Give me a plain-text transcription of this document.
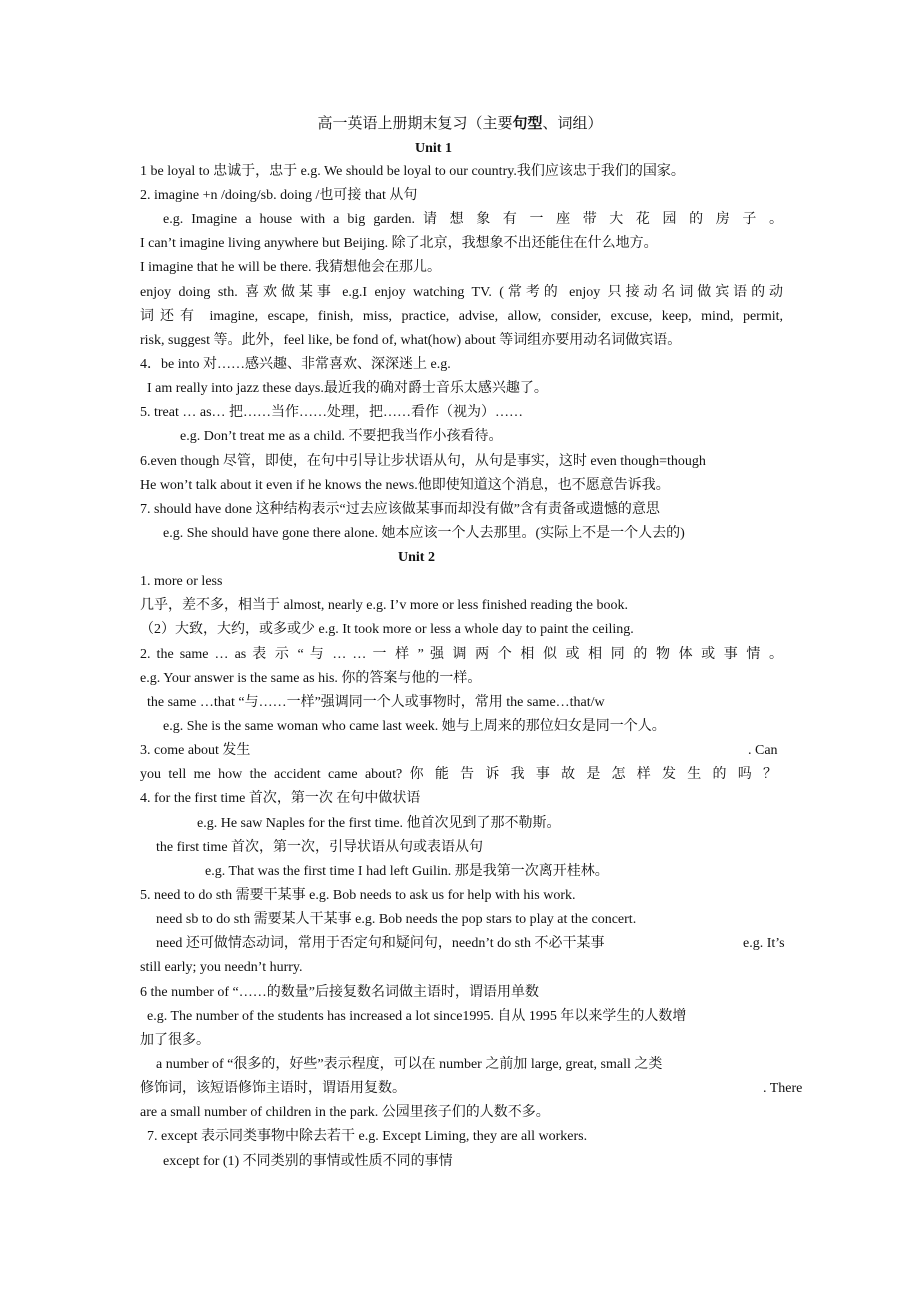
高一英语上册期末复习（主要句型、词组）
Unit 1
1 be loyal to 忠诚于，忠于 e.g. We should be loyal to our country.我们应该忠于我们的国家。
2. imagine +n /doing/sb. doing /也可接 that 从句
e.g. Imagine a house with a big garden. 请 想 象 有 一 座 带 大 花 园 的 房 子 。
I can’t imagine living anywhere but Beijing. 除了北京，我想象不出还能住在什么地方。
I imagine that he will be there. 我猜想他会在那儿。
enjoy doing sth. 喜欢做某事 e.g.I enjoy watching TV. (常考的 enjoy 只接动名词做宾语的动
词还有 imagine, escape, finish, miss, practice, advise, allow, consider, excuse, keep, mind, permit,
risk, suggest 等。此外，feel like, be fond of, what(how) about 等词组亦要用动名词做宾语。
4．be into 对……感兴趣、非常喜欢、深深迷上 e.g.
I am really into jazz these days.最近我的确对爵士音乐太感兴趣了。
5. treat … as… 把……当作……处理，把……看作（视为）……
e.g. Don’t treat me as a child. 不要把我当作小孩看待。
6.even though 尽管，即使，在句中引导让步状语从句，从句是事实，这时 even though=though
He won’t talk about it even if he knows the news.他即使知道这个消息，也不愿意告诉我。
7. should have done 这种结构表示“过去应该做某事而却没有做”含有责备或遗憾的意思
e.g. She should have gone there alone. 她本应该一个人去那里。(实际上不是一个人去的)
Unit 2
1. more or less
几乎，差不多，相当于 almost, nearly e.g. I’v more or less finished reading the book.
（2）大致，大约，或多或少 e.g. It took more or less a whole day to paint the ceiling.
2. the same … as 表 示 “ 与 … … 一 样 ” 强 调 两 个 相 似 或 相 同 的 物 体 或 事 情 。
e.g. Your answer is the same as his. 你的答案与他的一样。
the same …that “与……一样”强调同一个人或事物时，常用 the same…that/w
e.g. She is the same woman who came last week. 她与上周来的那位妇女是同一个人。
3. come about 发生	. Can
you tell me how the accident came about? 你 能 告 诉 我 事 故 是 怎 样 发 生 的 吗 ？
4. for the first time 首次，第一次 在句中做状语
e.g. He saw Naples for the first time. 他首次见到了那不勒斯。
the first time 首次，第一次，引导状语从句或表语从句
e.g. That was the first time I had left Guilin. 那是我第一次离开桂林。
5. need to do sth 需要干某事 e.g. Bob needs to ask us for help with his work.
need sb to do sth 需要某人干某事 e.g. Bob needs the pop stars to play at the concert.
need 还可做情态动词，常用于否定句和疑问句，needn’t do sth 不必干某事	e.g. It’s
still early; you needn’t hurry.
6 the number of “……的数量”后接复数名词做主语时，谓语用单数
e.g. The number of the students has increased a lot since1995. 自从 1995 年以来学生的人数增
加了很多。
a number of “很多的，好些”表示程度，可以在 number 之前加 large, great, small 之类
修饰词，该短语修饰主语时，谓语用复数。	. There
are a small number of children in the park. 公园里孩子们的人数不多。
7. except 表示同类事物中除去若干 e.g. Except Liming, they are all workers.
except for (1) 不同类别的事情或性质不同的事情
